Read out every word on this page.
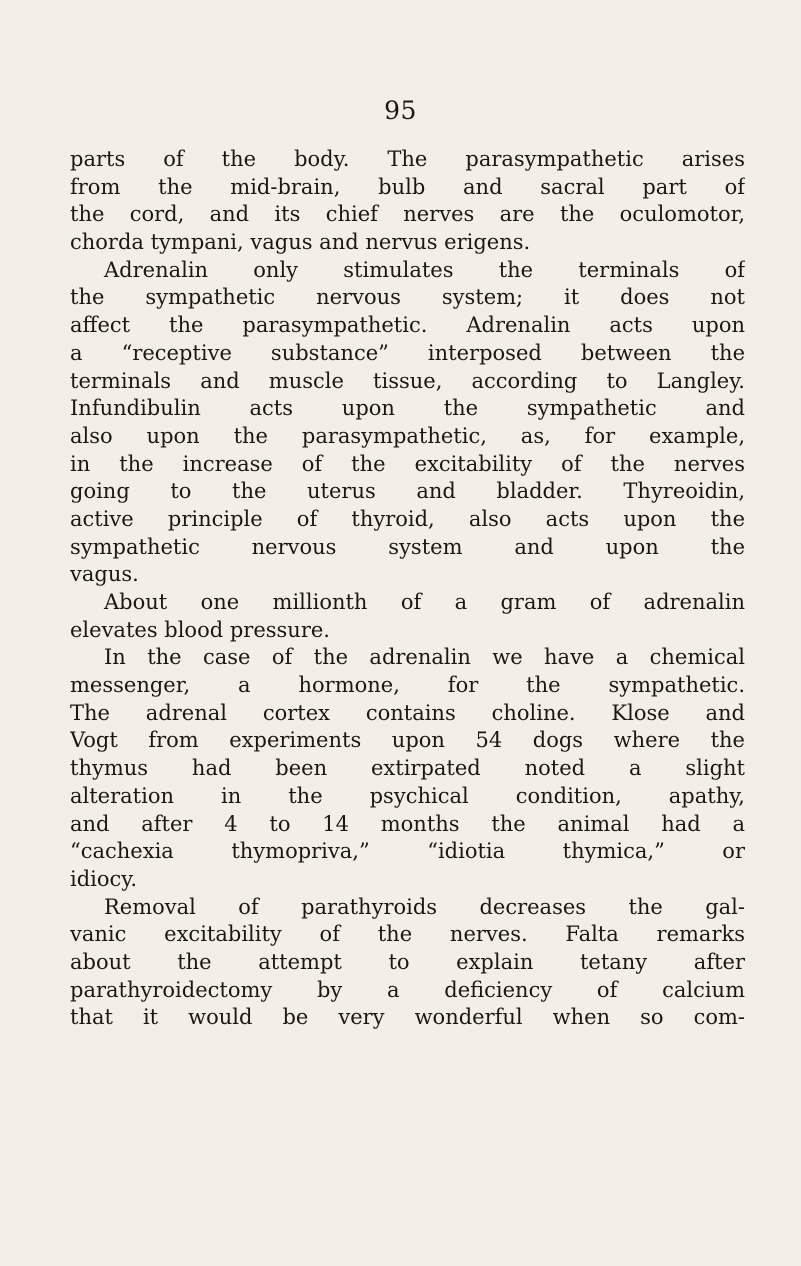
95
parts of the body. The parasympathetic arises
from the mid-brain, bulb and sacral part of
the cord, and its chief nerves are the oculomotor,
chorda tympani, vagus and nervus erigens.
Adrenalin only stimulates the terminals of
the sympathetic nervous system; it does not
affect the parasympathetic. Adrenalin acts upon
a “receptive substance” interposed between the
terminals and muscle tissue, according to Langley.
Infundibulin acts upon the sympathetic and
also upon the parasympathetic, as, for example,
in the increase of the excitability of the nerves
going to the uterus and bladder. Thyreoidin,
active principle of thyroid, also acts upon the
sympathetic nervous system and upon the
vagus.
About one millionth of a gram of adrenalin
elevates blood pressure.
In the case of the adrenalin we have a chemical
messenger, a hormone, for the sympathetic.
The adrenal cortex contains choline. Klose and
Vogt from experiments upon 54 dogs where the
thymus had been extirpated noted a slight
alteration in the psychical condition, apathy,
and after 4 to 14 months the animal had a
“cachexia thymopriva,” “idiotia thymica,” or
idiocy.
Removal of parathyroids decreases the gal-
vanic excitability of the nerves. Falta remarks
about the attempt to explain tetany after
parathyroidectomy by a deficiency of calcium
that it would be very wonderful when so com-
